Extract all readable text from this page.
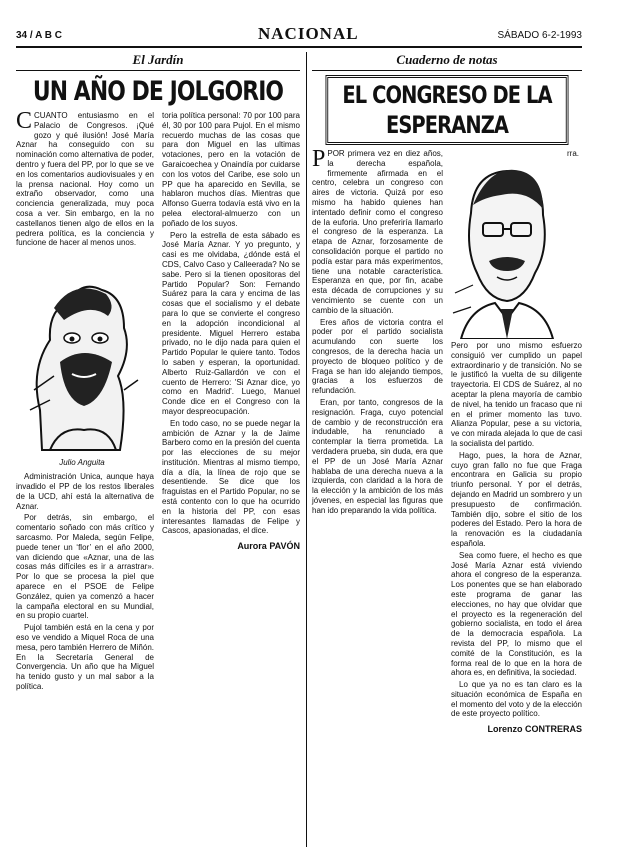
34 / A B C	NACIONAL	SÁBADO 6-2-1993
El Jardín
UN AÑO DE JOLGORIO

CCUANTO entusiasmo en el Palacio de Congresos. ¡Qué gozo y qué ilusión! José María Aznar ha conseguido con su nominación como alternativa de poder, dentro y fuera del PP, por lo que se ve en los comentarios audiovisuales y en la prensa nacional. Hoy como un extraño observador, como una conciencia generalizada, muy poca cosa a ver. Sin embargo, en la no castellanos tienen algo de ellos en la pedrera política, es la conciencia y funcione de hacer al menos unos.

Julio Anguita

Administración Unica, aunque haya invadido el PP de los restos liberales de la UCD, ahí está la alternativa de Aznar.

Por detrás, sin embargo, el comentario soñado con más crítico y sarcasmo. Por Maleda, según Felipe, puede tener un ‘flor’ en el año 2000, van diciendo que «Aznar, una de las cosas más difíciles es ir a arrastrar». Por lo que se procesa la piel que aparece en el PSOE de Felipe González, quien ya comenzó a hacer la campaña electoral en su Mundial, en su propio cuartel.

Pujol también está en la cena y por eso ve vendido a Miquel Roca de una mesa, pero también Herrero de Miñón. En la Secretaría General de Convergencia. Un año que ha Miguel ha tenido gusto y un mal sabor a la política.

toria política personal: 70 por 100 para él, 30 por 100 para Pujol. En el mismo recuerdo muchas de las cosas que para don Miguel en las ultimas votaciones, pero en la votación de Garaicoechea y Onaindía por cuidarse con los votos del Caribe, ese solo un PP que ha aparecido en Sevilla, se hablaron muchos días. Mientras que Alfonso Guerra todavía está vivo en la pelea electoral-almuerzo con un poñado de los suyos.

Pero la estrella de esta sábado es José María Aznar. Y yo pregunto, y casi es me olvidaba, ¿dónde está el CDS, Calvo Caso y Calleerada? No se sabe. Pero si la tienen opositoras del Partido Popular? Son: Fernando Suárez para la cara y encima de las cosas que el socialismo y el debate para lo que se convierte el congreso en la adopción incondicional al presidente. Miguel Herrero estaba privado, no le dijo nada para quien el Partido Popular le quiere tanto. Todos lo saben y esperan, la oportunidad. Alberto Ruiz-Gallardón ve con el cuento de Herrero: 'Si Aznar dice, yo como en Madrid'. Luego, Manuel Conde dice en el Congreso con la mayor despreocupación.

En todo caso, no se puede negar la ambición de Aznar y la de Jaime Barbero como en la presión del cuenta por las elecciones de su mejor institución. Mientras al mismo tiempo, día a día, la línea de rojo que se desentiende. Se dice que los fraguistas en el Partido Popular, no se está contento con lo que ha ocurrido en la historia del PP, con esas interesantes llamadas de Felipe y Cascos, apasionadas, el dice.

Aurora PAVÓN
Cuaderno de notas
EL CONGRESO DE LA ESPERANZA

PPOR primera vez en diez años, la derecha española, firmemente afirmada en el centro, celebra un congreso con aires de victoria. Quizá por eso mismo ha habido quienes han intentado definir como el congreso de la euforia. Uno preferiría llamarlo el congreso de la esperanza. La etapa de Aznar, forzosamente de consolidación porque el partido no podía estar para más experimentos, tiene una notable característica. Esperanza en que, por fin, acabe esta década de corrupciones y su vencimiento se cuente con un cambio de la situación.

Eres años de victoria contra el poder por el partido socialista acumulando con suerte los congresos, de la derecha hacia un proyecto de bloqueo político y de Fraga se han ido alejando tiempos, gracias a los esfuerzos de refundación.

Eran, por tanto, congresos de la resignación. Fraga, cuyo potencial de cambio y de reconstrucción era indudable, ha renunciado a contemplar la tierra prometida. La verdadera prueba, sin duda, era que el PP de un José María Aznar hablaba de una derecha nueva a la izquierda, con claridad a la hora de la elección y la ambición de los más jóvenes, en especial las figuras que han ido preparando la vida política.

rra. Pero por uno mismo esfuerzo consiguió ver cumplido un papel extraordinario y de transición. No se le justificó la vuelta de su diligente trayectoria. El CDS de Suárez, al no aceptar la plena mayoría de cambio de nivel, ha tenido un fracaso que ni en el primer momento las tuvo. Alianza Popular, pese a su victoria, ve con mirada alejada lo que de casi la socialista del partido.

Hago, pues, la hora de Aznar, cuyo gran fallo no fue que Fraga encontrara en Galicia su propio triunfo personal. Y por el detrás, dejando en Madrid un sombrero y un presupuesto de confirmación. También dijo, sobre el sitio de los poderes del Estado. Pero la hora de la renovación es la ciudadanía española.

Sea como fuere, el hecho es que José María Aznar está viviendo ahora el congreso de la esperanza. Los ponentes que se han elaborado este programa de ganar las elecciones, no hay que olvidar que el proyecto es la regeneración del gobierno socialista, en todo el área de la democracia española. La revista del PP, lo mismo que el comité de la Constitución, es la forma real de lo que en la hora de ahora es, en definitiva, la sociedad.

Lo que ya no es tan claro es la situación económica de España en el momento del voto y de la elección de este proyecto político.

Lorenzo CONTRERAS
